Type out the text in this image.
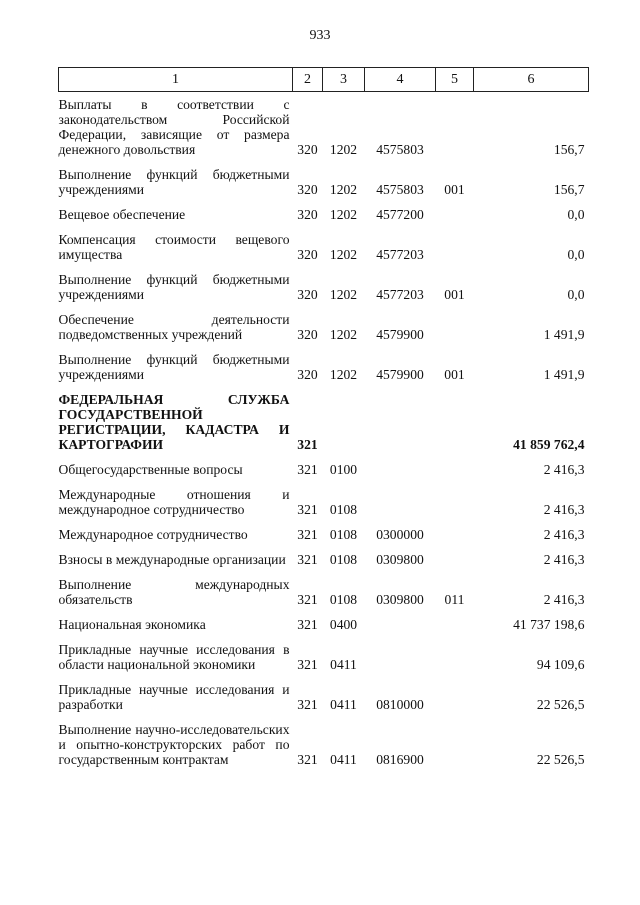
933
1	2	3	4	5	6
Выплаты в соответствии с законодательством Российской Федерации, зависящие от размера денежного довольствия	320	1202	4575803		156,7
Выполнение функций бюджетными учреждениями	320	1202	4575803	001	156,7
Вещевое обеспечение	320	1202	4577200		0,0
Компенсация стоимости вещевого имущества	320	1202	4577203		0,0
Выполнение функций бюджетными учреждениями	320	1202	4577203	001	0,0
Обеспечение деятельности подведомственных учреждений	320	1202	4579900		1 491,9
Выполнение функций бюджетными учреждениями	320	1202	4579900	001	1 491,9
ФЕДЕРАЛЬНАЯ СЛУЖБА ГОСУДАРСТВЕННОЙ РЕГИСТРАЦИИ, КАДАСТРА И КАРТОГРАФИИ	321				41 859 762,4
Общегосударственные вопросы	321	0100			2 416,3
Международные отношения и международное сотрудничество	321	0108			2 416,3
Международное сотрудничество	321	0108	0300000		2 416,3
Взносы в международные организации	321	0108	0309800		2 416,3
Выполнение международных обязательств	321	0108	0309800	011	2 416,3
Национальная экономика	321	0400			41 737 198,6
Прикладные научные исследования в области национальной экономики	321	0411			94 109,6
Прикладные научные исследования и разработки	321	0411	0810000		22 526,5
Выполнение научно-исследовательских и опытно-конструкторских работ по государственным контрактам	321	0411	0816900		22 526,5
